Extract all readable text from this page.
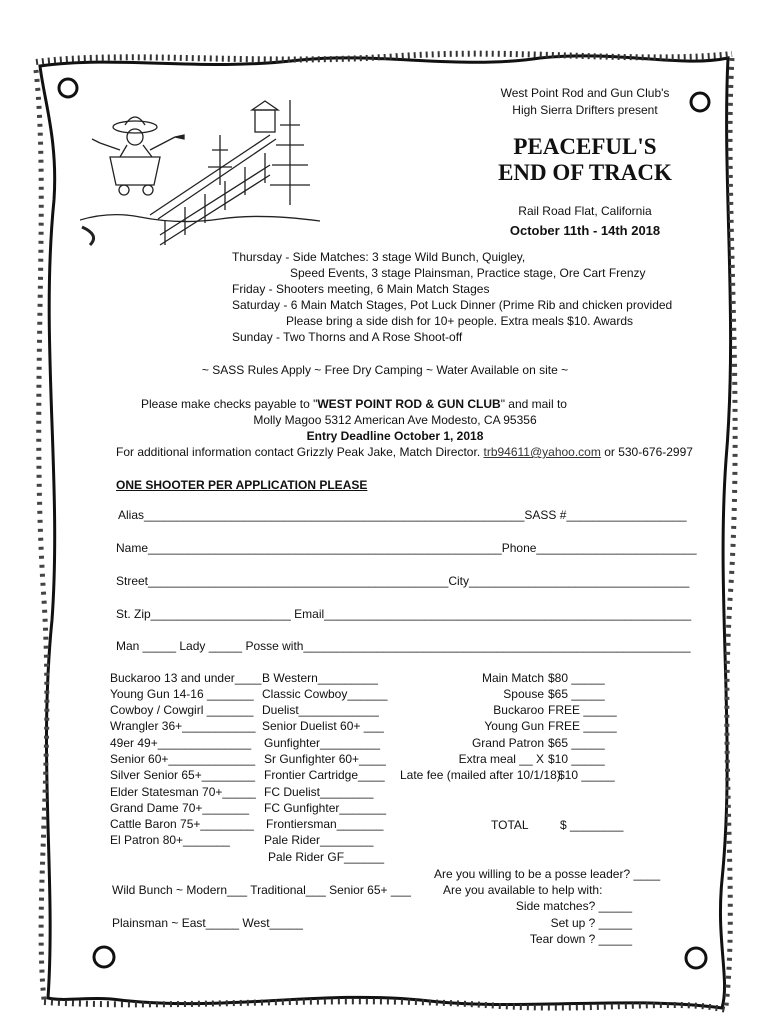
West Point Rod and Gun Club's
High Sierra Drifters present
PEACEFUL'S
END OF TRACK
Rail Road Flat, California
October 11th - 14th 2018
Thursday - Side Matches: 3 stage Wild Bunch, Quigley,
Speed Events, 3 stage Plainsman, Practice stage, Ore Cart Frenzy
Friday - Shooters meeting, 6 Main Match Stages
Saturday - 6 Main Match Stages, Pot Luck Dinner (Prime Rib and chicken provided
Please bring a side dish for 10+ people. Extra meals $10. Awards
Sunday - Two Thorns and A Rose Shoot-off
~ SASS Rules Apply ~ Free Dry Camping ~ Water Available on site ~
Please make checks payable to "WEST POINT ROD & GUN CLUB" and mail to
Molly Magoo 5312 American Ave Modesto, CA 95356
Entry Deadline October 1, 2018
For additional information contact Grizzly Peak Jake, Match Director. trb94611@yahoo.com or 530-676-2997
ONE SHOOTER PER APPLICATION PLEASE
Alias_________________________________________________________SASS #__________________
Name_____________________________________________________Phone________________________
Street_____________________________________________City_________________________________
St. Zip_____________________ Email_______________________________________________________
Man _____ Lady _____ Posse with__________________________________________________________
Buckaroo 13 and under____
Young Gun 14-16 _______
Cowboy / Cowgirl _______
Wrangler 36+___________
49er 49+______________
Senior 60+_____________
Silver Senior 65+________
Elder Statesman 70+_____
Grand Dame 70+_______
Cattle Baron 75+________
El Patron 80+_______
B Western_________
Classic Cowboy______
Duelist____________
Senior Duelist 60+ ___
Gunfighter_________
Sr Gunfighter 60+____
Frontier Cartridge____
FC Duelist________
FC Gunfighter_______
Frontiersman_______
Pale Rider________
Pale Rider GF______
Main Match $80 _____
Spouse $65 _____
Buckaroo FREE _____
Young Gun FREE _____
Grand Patron $65 _____
Extra meal __ X $10 _____
Late fee (mailed after 10/1/18)
$10 _____
TOTAL	$ ________
Wild Bunch ~ Modern___ Traditional___ Senior 65+ ___
Plainsman ~ East_____ West_____
Are you willing to be a posse leader? ____
Are you available to help with:
Side matches? _____
Set up ? _____
Tear down ? _____
